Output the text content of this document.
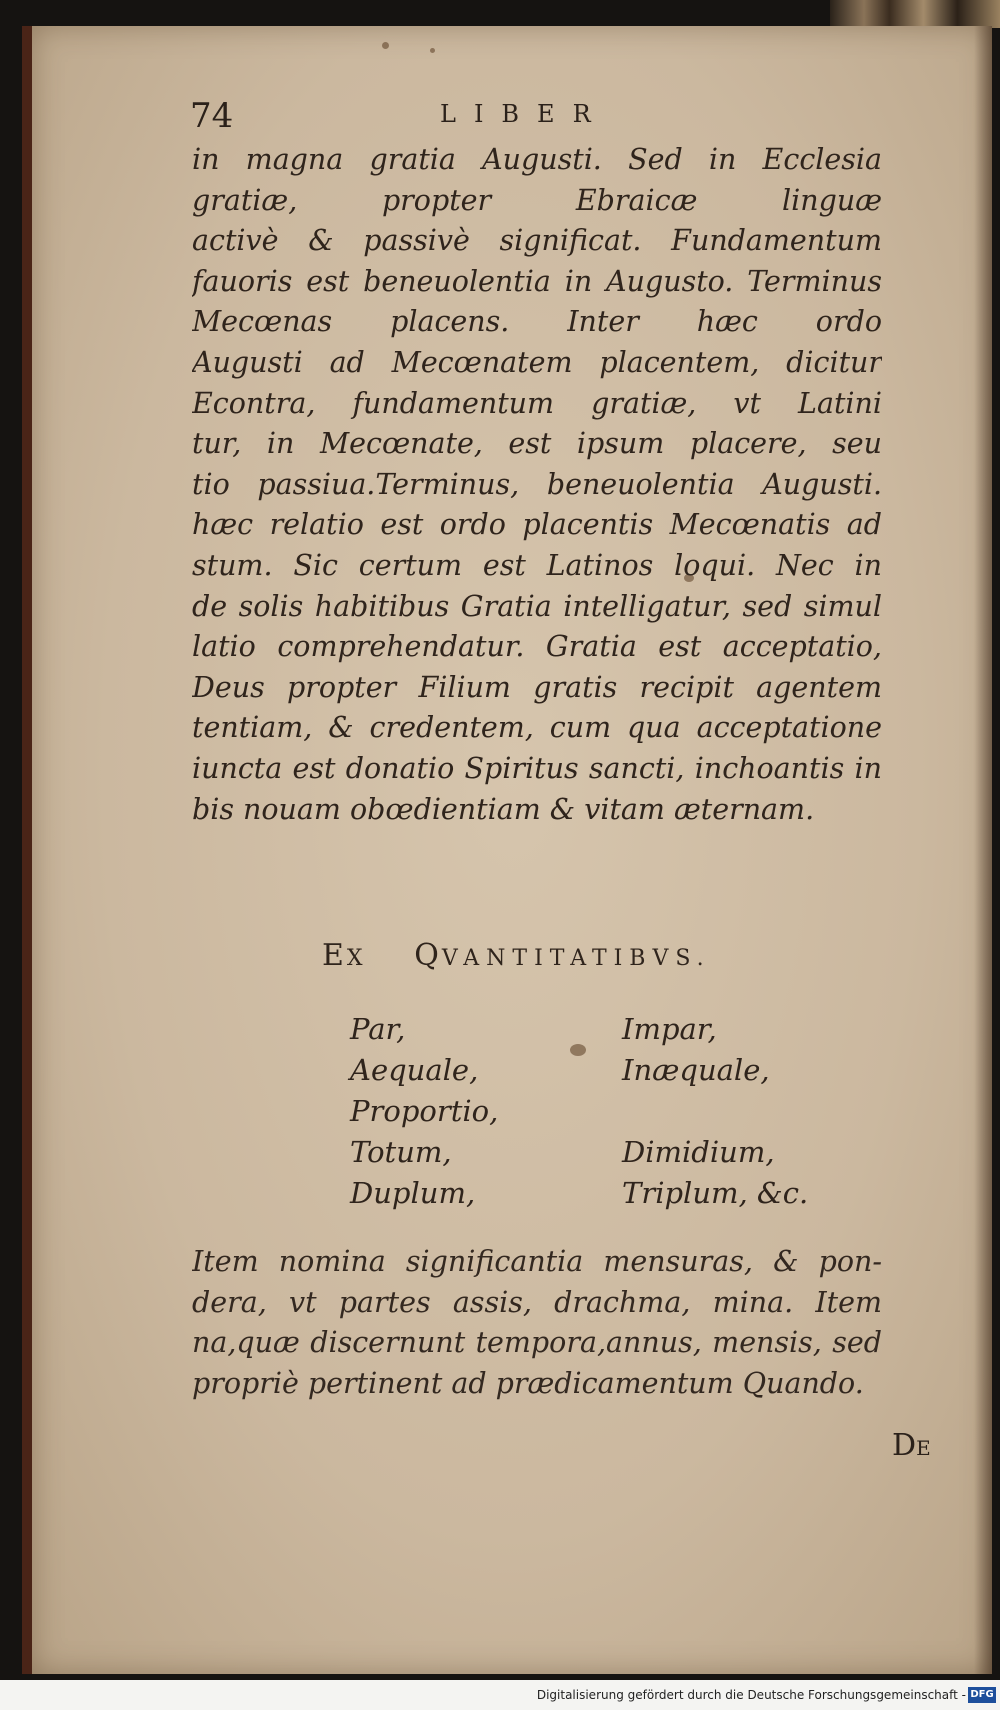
74	LIBER
in magna gratia Augusti. Sed in Ecclesia
gratiæ, propter Ebraicæ linguæ
activè & passivè significat. Fundamentum
fauoris est beneuolentia in Augusto. Terminus
Mecœnas placens. Inter hæc ordo
Augusti ad Mecœnatem placentem, dicitur
Econtra, fundamentum gratiæ, vt Latini
tur, in Mecœnate, est ipsum placere, seu
tio passiua.Terminus, beneuolentia Augusti.
hæc relatio est ordo placentis Mecœnatis ad
stum. Sic certum est Latinos loqui. Nec in
de solis habitibus Gratia intelligatur, sed simul
latio comprehendatur. Gratia est acceptatio,
Deus propter Filium gratis recipit agentem
tentiam, & credentem, cum qua acceptatione
iuncta est donatio Spiritus sancti, inchoantis in
bis nouam obœdientiam & vitam æternam.
EX QVANTITATIBVS.
Par,	Impar,
Aequale,	Inæquale,
Proportio,
Totum,	Dimidium,
Duplum,	Triplum, &c.
Item nomina significantia mensuras, & pon-
dera, vt partes assis, drachma, mina. Item
na,quæ discernunt tempora,annus, mensis, sed
propriè pertinent ad prædicamentum Quando.
DE
Digitalisierung gefördert durch die Deutsche Forschungsgemeinschaft - DFG
